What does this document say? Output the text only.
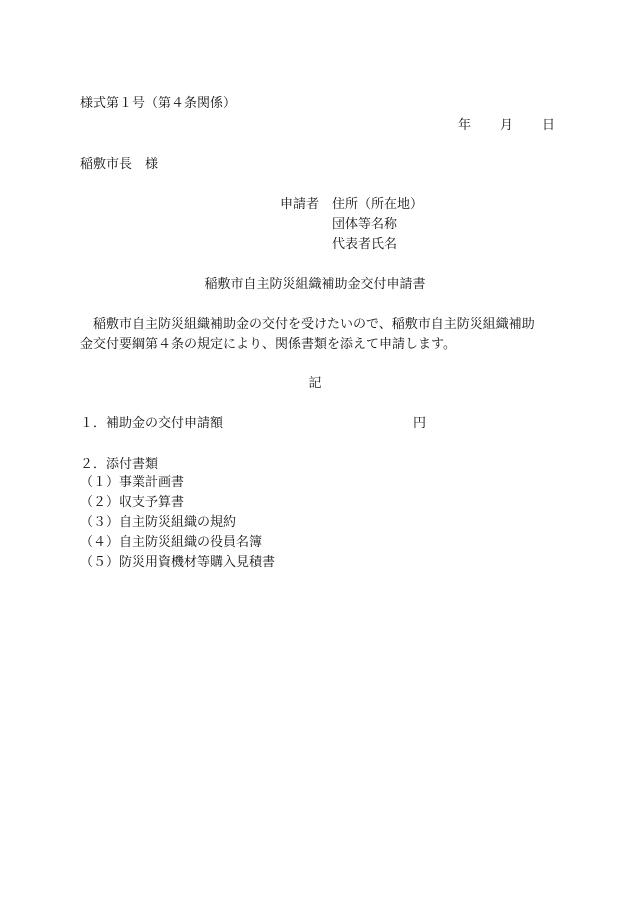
様式第１号（第４条関係）
年 月 日
稲敷市長　様
申請者 住所（所在地）
団体等名称
代表者氏名
稲敷市自主防災組織補助金交付申請書
稲敷市自主防災組織補助金の交付を受けたいので、稲敷市自主防災組織補助
金交付要綱第４条の規定により、関係書類を添えて申請します。
記
１．補助金の交付申請額	円
２．添付書類
（１）事業計画書
（２）収支予算書
（３）自主防災組織の規約
（４）自主防災組織の役員名簿
（５）防災用資機材等購入見積書
